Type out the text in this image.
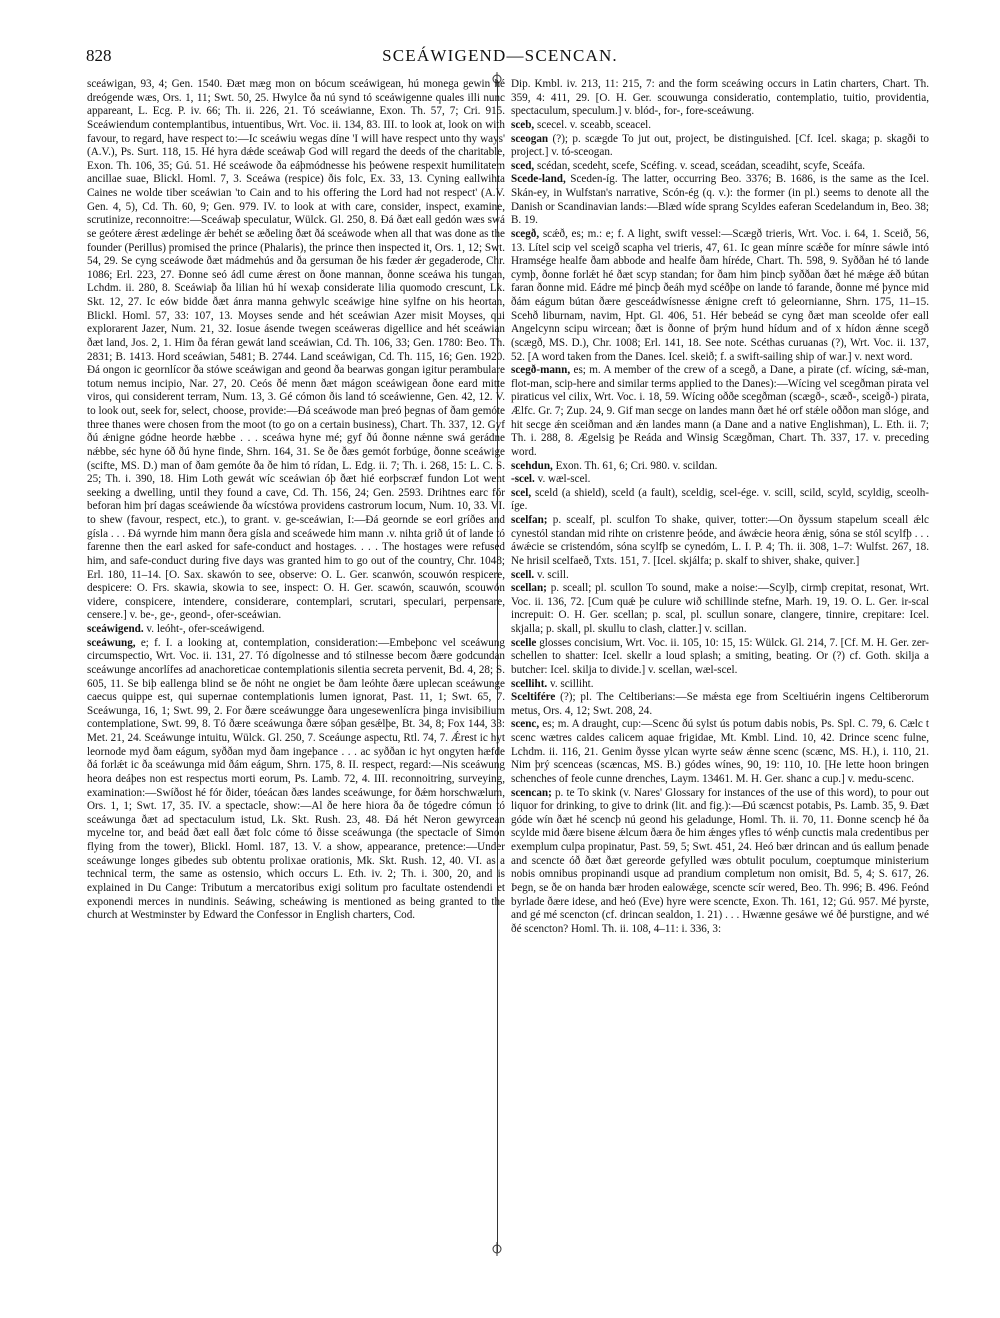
828	SCEÁWIGEND—SCENCAN.

sceáwigan, 93, 4; Gen. 1540. Ðæt mæg mon on bócum sceáwigean, hú monega gewin hé dreógende wæs, Ors. 1, 11; Swt. 50, 25. Hwylce ða nú synd tó sceáwigenne quales illi nunc appareant, L. Ecg. P. iv. 66; Th. ii. 226, 21. Tó sceáwianne, Exon. Th. 57, 7; Cri. 915. Sceáwiendum contemplantibus, intuentibus, Wrt. Voc. ii. 134, 83. III. to look at, look on with favour, to regard, have respect to:—Ic sceáwiu wegas díne 'I will have respect unto thy ways' (A.V.), Ps. Surt. 118, 15. Hé hyra dǽde sceáwaþ God will regard the deeds of the charitable, Exon. Th. 106, 35; Gú. 51. Hé sceáwode ða eáþmódnesse his þeówene respexit humilitatem ancillae suae, Blickl. Homl. 7, 3. Sceáwa (respice) ðis folc, Ex. 33, 13. Cyning eallwihta Caines ne wolde tiber sceáwian 'to Cain and to his offering the Lord had not respect' (A.V. Gen. 4, 5), Cd. Th. 60, 9; Gen. 979. IV. to look at with care, consider, inspect, examine, scrutinize, reconnoitre:—Sceáwaþ speculatur, Wülck. Gl. 250, 8. Ðá ðæt eall gedón wæs swá se geótere ǽrest ædelinge ǽr behét se æðeling ðæt ðá sceáwode when all that was done as the founder (Perillus) promised the prince (Phalaris), the prince then inspected it, Ors. 1, 12; Swt. 54, 29. Se cyng sceáwode ðæt mádmehús and ða gersuman ðe his fæder ǽr gegaderode, Chr. 1086; Erl. 223, 27. Ðonne seó ádl cume ǽrest on ðone mannan, ðonne sceáwa his tungan, Lchdm. ii. 280, 8. Sceáwiaþ ða lilian hú hí wexaþ considerate lilia quomodo crescunt, Lk. Skt. 12, 27. Ic eów bidde ðæt ánra manna gehwylc sceáwige hine sylfne on his heortan, Blickl. Homl. 57, 33: 107, 13. Moyses sende and hét sceáwian Azer misit Moyses, qui explorarent Jazer, Num. 21, 32. Iosue ásende twegen sceáweras digellice and hét sceáwian ðæt land, Jos. 2, 1. Him ða féran gewát land sceáwian, Cd. Th. 106, 33; Gen. 1780: Beo. Th. 2831; B. 1413. Hord sceáwian, 5481; B. 2744. Land sceáwigan, Cd. Th. 115, 16; Gen. 1920. Ðá ongon ic geornlícor ða stówe sceáwigan and geond ða bearwas gongan igitur perambulare totum nemus incipio, Nar. 27, 20. Ceós ðé menn ðæt mágon sceáwigean ðone eard mitte viros, qui considerent terram, Num. 13, 3. Gé cómon ðis land tó sceáwienne, Gen. 42, 12. V. to look out, seek for, select, choose, provide:—Ðá sceáwode man þreó þegnas of ðam gemóte three thanes were chosen from the moot (to go on a certain business), Chart. Th. 337, 12. Gyf ðú ǽnigne gódne heorde hæbbe . . . sceáwa hyne mé; gyf ðú ðonne nǽnne swá gerádne nǽbbe, séc hyne óð ðú hyne finde, Shrn. 164, 31. Se ðe ðæs gemót forbúge, ðonne sceáwige (scifte, MS. D.) man of ðam gemóte ða ðe him tó rídan, L. Edg. ii. 7; Th. i. 268, 15: L. C. S. 25; Th. i. 390, 18. Him Loth gewát wíc sceáwian óþ ðæt hié eorþscræf fundon Lot went seeking a dwelling, until they found a cave, Cd. Th. 156, 24; Gen. 2593. Drihtnes earc fór beforan him þrí dagas sceáwiende ða wícstówa providens castrorum locum, Num. 10, 33. VI. to shew (favour, respect, etc.), to grant. v. ge-sceáwian, I:—Ðá geornde se eorl gríðes and gísla . . . Ðá wyrnde him mann ðera gísla and sceáwede him mann .v. nihta grið út of lande tó farenne then the earl asked for safe-conduct and hostages. . . . The hostages were refused him, and safe-conduct during five days was granted him to go out of the country, Chr. 1048; Erl. 180, 11–14. [O. Sax. skawón to see, observe: O. L. Ger. scanwón, scouwón respicere, despicere: O. Frs. skawia, skowia to see, inspect: O. H. Ger. scawón, scauwón, scouwón videre, conspicere, intendere, considerare, contemplari, scrutari, speculari, perpensare, censere.] v. be-, ge-, geond-, ofer-sceáwian.

sceáwigend. v. leóht-, ofer-sceáwigend.

sceáwung, e; f. I. a looking at, contemplation, consideration:—Embeþonc vel sceáwung circumspectio, Wrt. Voc. ii. 131, 27. Tó dígolnesse and tó stilnesse becom ðære godcundan sceáwunge ancorlífes ad anachoreticae contemplationis silentia secreta pervenit, Bd. 4, 28; S. 605, 11. Se biþ eallenga blind se ðe nóht ne ongiet be ðam leóhte ðære uplecan sceáwunge caecus quippe est, qui supernae contemplationis lumen ignorat, Past. 11, 1; Swt. 65, 7. Sceáwunga, 16, 1; Swt. 99, 2. For ðære sceáwungge ðara ungesewenlícra þinga invisibilium contemplatione, Swt. 99, 8. Tó ðære sceáwunga ðære sóþan gesǽlþe, Bt. 34, 8; Fox 144, 33: Met. 21, 24. Sceáwunge intuitu, Wülck. Gl. 250, 7. Sceáunge aspectu, Rtl. 74, 7. Ǽrest ic hyt leornode myd ðam eágum, syððan myd ðam ingeþance . . . ac syððan ic hyt ongyten hæfde ðá forlǽt ic ða sceáwunga mid ðám eágum, Shrn. 175, 8. II. respect, regard:—Nis sceáwung heora deáþes non est respectus morti eorum, Ps. Lamb. 72, 4. III. reconnoitring, surveying, examination:—Swíðost hé fór ðider, tóeácan ðæs landes sceáwunge, for ðǽm horschwælum, Ors. 1, 1; Swt. 17, 35. IV. a spectacle, show:—Al ðe here hiora ða ðe tógedre cómun tó sceáwunga ðæt ad spectaculum istud, Lk. Skt. Rush. 23, 48. Ðá hét Neron gewyrcean mycelne tor, and beád ðæt eall ðæt folc cóme tó ðisse sceáwunga (the spectacle of Simon flying from the tower), Blickl. Homl. 187, 13. V. a show, appearance, pretence:—Under sceáwunge longes gibedes sub obtentu prolixae orationis, Mk. Skt. Rush. 12, 40. VI. as a technical term, the same as ostensio, which occurs L. Eth. iv. 2; Th. i. 300, 20, and is explained in Du Cange: Tributum a mercatoribus exigi solitum pro facultate ostendendi et exponendi merces in nundinis. Seáwing, scheáwing is mentioned as being granted to the church at Westminster by Edward the Confessor in English charters, Cod.

Dip. Kmbl. iv. 213, 11: 215, 7: and the form sceáwing occurs in Latin charters, Chart. Th. 359, 4: 411, 29. [O. H. Ger. scouwunga consideratio, contemplatio, tuitio, providentia, spectaculum, speculum.] v. blód-, for-, fore-sceáwung.

sceb, scecel. v. sceabb, sceacel.

sceogan (?); p. scægde To jut out, project, be distinguished. [Cf. Icel. skaga; p. skagði to project.] v. tó-sceogan.

sced, scédan, scedeht, scefe, Scéfing. v. scead, sceádan, sceadiht, scyfe, Sceáfa.

Scede-land, Sceden-íg. The latter, occurring Beo. 3376; B. 1686, is the same as the Icel. Skán-ey, in Wulfstan's narrative, Scón-ég (q. v.): the former (in pl.) seems to denote all the Danish or Scandinavian lands:—Blæd wíde sprang Scyldes eaferan Scedelandum in, Beo. 38; B. 19.

scegð, scǽð, es; m.: e; f. A light, swift vessel:—Scægð trieris, Wrt. Voc. i. 64, 1. Sceið, 56, 13. Lítel scip vel sceigð scapha vel trieris, 47, 61. Ic gean mínre scǽðe for mínre sáwle intó Hramsége healfe ðam abbode and healfe ðam híréde, Chart. Th. 598, 9. Syððan hé tó lande cymþ, ðonne forlǽt hé ðæt scyp standan; for ðam him þincþ syððan ðæt hé mǽge ǽð bútan faran ðonne mid. Eádre mé þincþ ðeáh myd scéðþe on lande tó farande, ðonne mé þynce mid ðám eágum bútan ðære gesceádwísnesse ǽnigne creft tó geleornianne, Shrn. 175, 11–15. Scehð liburnam, navim, Hpt. Gl. 406, 51. Hér bebeád se cyng ðæt man sceolde ofer eall Angelcynn scipu wircean; ðæt is ðonne of þrým hund hídum and of x hídon ǽnne scegð (scægð, MS. D.), Chr. 1008; Erl. 141, 18. See note. Scéthas curuanas (?), Wrt. Voc. ii. 137, 52. [A word taken from the Danes. Icel. skeið; f. a swift-sailing ship of war.] v. next word.

scegð-mann, es; m. A member of the crew of a scegð, a Dane, a pirate (cf. wícing, sǽ-man, flot-man, scip-here and similar terms applied to the Danes):—Wícing vel scegðman pirata vel piraticus vel cilix, Wrt. Voc. i. 18, 59. Wícing oððe scegðman (scægð-, scæð-, sceigð-) pirata, Ælfc. Gr. 7; Zup. 24, 9. Gif man secge on landes mann ðæt hé orf stǽle oððon man slóge, and hit secge ǽn sceiðman and ǽn landes mann (a Dane and a native Englishman), L. Eth. ii. 7; Th. i. 288, 8. Ægelsig þe Reáda and Winsig Scægðman, Chart. Th. 337, 17. v. preceding word.

scehdun, Exon. Th. 61, 6; Cri. 980. v. scildan.

-scel. v. wæl-scel.

scel, sceld (a shield), sceld (a fault), sceldig, scel-ége. v. scill, scild, scyld, scyldig, sceolh-íge.

scelfan; p. scealf, pl. sculfon To shake, quiver, totter:—On ðyssum stapelum sceall ǽlc cynestól standan mid rihte on cristenre þeóde, and áwǽcie heora ǽnig, sóna se stól scylfþ . . . áwǽcie se cristendóm, sóna scylfþ se cynedóm, L. I. P. 4; Th. ii. 308, 1–7: Wulfst. 267, 18. Ne hrisil scelfaeð, Txts. 151, 7. [Icel. skjálfa; p. skalf to shiver, shake, quiver.]

scell. v. scill.

scellan; p. sceall; pl. scullon To sound, make a noise:—Scylþ, cirmþ crepitat, resonat, Wrt. Voc. ii. 136, 72. [Cum quǽ þe culure wið schillinde stefne, Marh. 19, 19. O. L. Ger. ir-scal increpuit: O. H. Ger. scellan; p. scal, pl. scullun sonare, clangere, tinnire, crepitare: Icel. skjalla; p. skall, pl. skullu to clash, clatter.] v. scillan.

scelle glosses concisium, Wrt. Voc. ii. 105, 10: 15, 15: Wülck. Gl. 214, 7. [Cf. M. H. Ger. zer-schellen to shatter: Icel. skellr a loud splash; a smiting, beating. Or (?) cf. Goth. skilja a butcher: Icel. skilja to divide.] v. scellan, wæl-scel.

scelliht. v. scilliht.

Sceltifére (?); pl. The Celtiberians:—Se mǽsta ege from Sceltiuérin ingens Celtiberorum metus, Ors. 4, 12; Swt. 208, 24.

scenc, es; m. A draught, cup:—Scenc ðú sylst ús potum dabis nobis, Ps. Spl. C. 79, 6. Cælc t scenc wætres caldes calicem aquae frigidae, Mt. Kmbl. Lind. 10, 42. Drince scenc fulne, Lchdm. ii. 116, 21. Genim ðysse ylcan wyrte seáw ǽnne scenc (scænc, MS. H.), i. 110, 21. Nim þrý scenceas (scæncas, MS. B.) gódes wínes, 90, 19: 110, 10. [He lette hoon bringen schenches of feole cunne drenches, Laym. 13461. M. H. Ger. shanc a cup.] v. medu-scenc.

scencan; p. te To skink (v. Nares' Glossary for instances of the use of this word), to pour out liquor for drinking, to give to drink (lit. and fig.):—Ðú scæncst potabis, Ps. Lamb. 35, 9. Ðæt góde wín ðæt hé scencþ nú geond his geladunge, Homl. Th. ii. 70, 11. Ðonne scencþ hé ða scylde mid ðære bisene ǽlcum ðæra ðe him ǽnges yfles tó wénþ cunctis mala credentibus per exemplum culpa propinatur, Past. 59, 5; Swt. 451, 24. Heó bær drincan and ús eallum þenade and scencte óð ðæt ðæt gereorde gefylled wæs obtulit poculum, coeptumque ministerium nobis omnibus propinandi usque ad prandium completum non omisit, Bd. 5, 4; S. 617, 26. Þegn, se ðe on handa bær hroden ealowǽge, scencte scír wered, Beo. Th. 996; B. 496. Feónd byrlade ðære idese, and heó (Eve) hyre were scencte, Exon. Th. 161, 12; Gú. 957. Mé þyrste, and gé mé scencton (cf. drincan sealdon, 1. 21) . . . Hwænne gesáwe wé ðé þurstigne, and wé ðé scencton? Homl. Th. ii. 108, 4–11: i. 336, 3:
